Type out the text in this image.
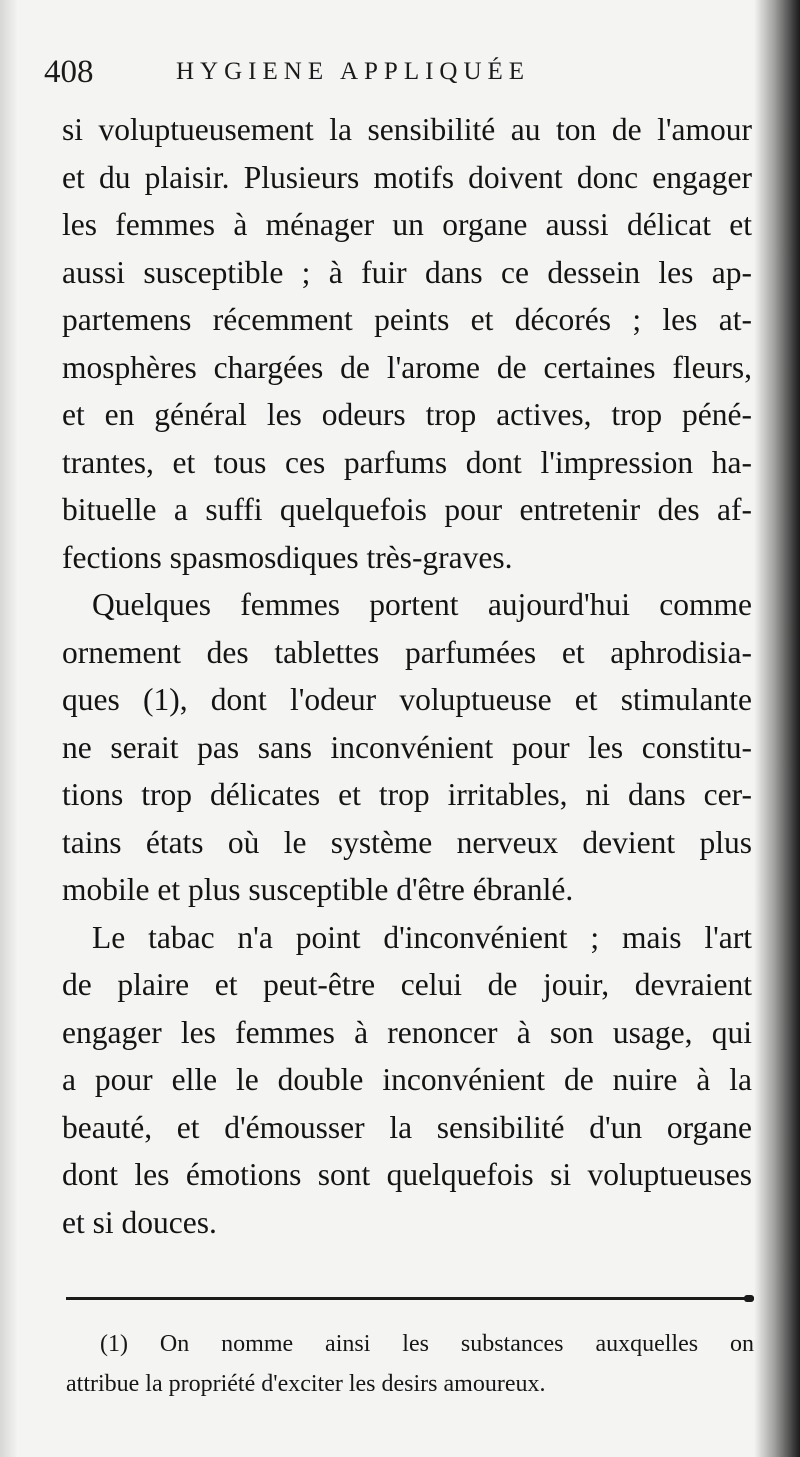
408	HYGIENE APPLIQUÉE
si voluptueusement la sensibilité au ton de l'amour
et du plaisir. Plusieurs motifs doivent donc engager
les femmes à ménager un organe aussi délicat et
aussi susceptible ; à fuir dans ce dessein les ap-
partemens récemment peints et décorés ; les at-
mosphères chargées de l'arome de certaines fleurs,
et en général les odeurs trop actives, trop péné-
trantes, et tous ces parfums dont l'impression ha-
bituelle a suffi quelquefois pour entretenir des af-
fections spasmosdiques très-graves.
Quelques femmes portent aujourd'hui comme
ornement des tablettes parfumées et aphrodisia-
ques (1), dont l'odeur voluptueuse et stimulante
ne serait pas sans inconvénient pour les constitu-
tions trop délicates et trop irritables, ni dans cer-
tains états où le système nerveux devient plus
mobile et plus susceptible d'être ébranlé.
Le tabac n'a point d'inconvénient ; mais l'art
de plaire et peut-être celui de jouir, devraient
engager les femmes à renoncer à son usage, qui
a pour elle le double inconvénient de nuire à la
beauté, et d'émousser la sensibilité d'un organe
dont les émotions sont quelquefois si voluptueuses
et si douces.
(1) On nomme ainsi les substances auxquelles on
attribue la propriété d'exciter les desirs amoureux.
